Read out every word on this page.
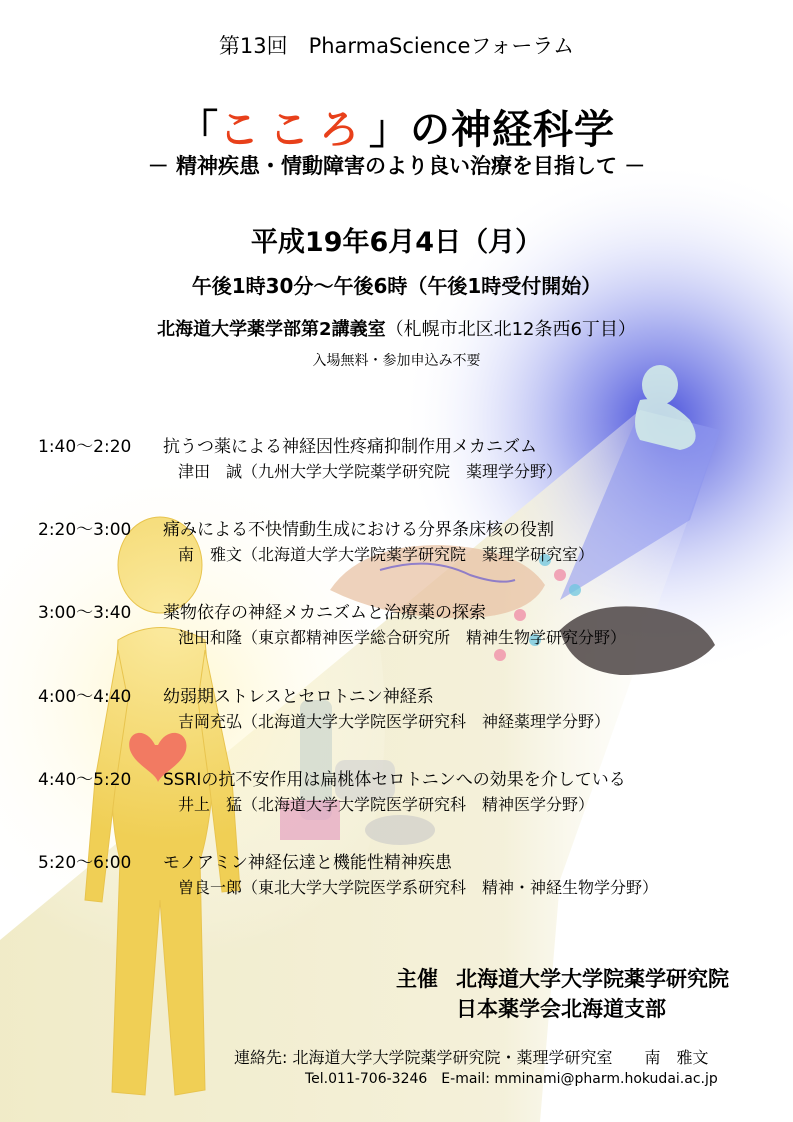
第13回　PharmaScienceフォーラム
「こころ」の神経科学
－ 精神疾患・情動障害のより良い治療を目指して －
平成19年6月4日（月）
午後1時30分〜午後6時（午後1時受付開始）
北海道大学薬学部第2講義室（札幌市北区北12条西6丁目）
入場無料・参加申込み不要
1:40〜2:20 抗うつ薬による神経因性疼痛抑制作用メカニズム
津田　誠（九州大学大学院薬学研究院　薬理学分野）
2:20〜3:00 痛みによる不快情動生成における分界条床核の役割
南　雅文（北海道大学大学院薬学研究院　薬理学研究室）
3:00〜3:40 薬物依存の神経メカニズムと治療薬の探索
池田和隆（東京都精神医学総合研究所　精神生物学研究分野）
4:00〜4:40 幼弱期ストレスとセロトニン神経系
吉岡充弘（北海道大学大学院医学研究科　神経薬理学分野）
4:40〜5:20 SSRIの抗不安作用は扁桃体セロトニンへの効果を介している
井上　猛（北海道大学大学院医学研究科　精神医学分野）
5:20〜6:00 モノアミン神経伝達と機能性精神疾患
曽良一郎（東北大学大学院医学系研究科　精神・神経生物学分野）
主催 北海道大学大学院薬学研究院
日本薬学会北海道支部
連絡先: 北海道大学大学院薬学研究院・薬理学研究室　　南　雅文
Tel.011-706-3246　E-mail: mminami@pharm.hokudai.ac.jp
